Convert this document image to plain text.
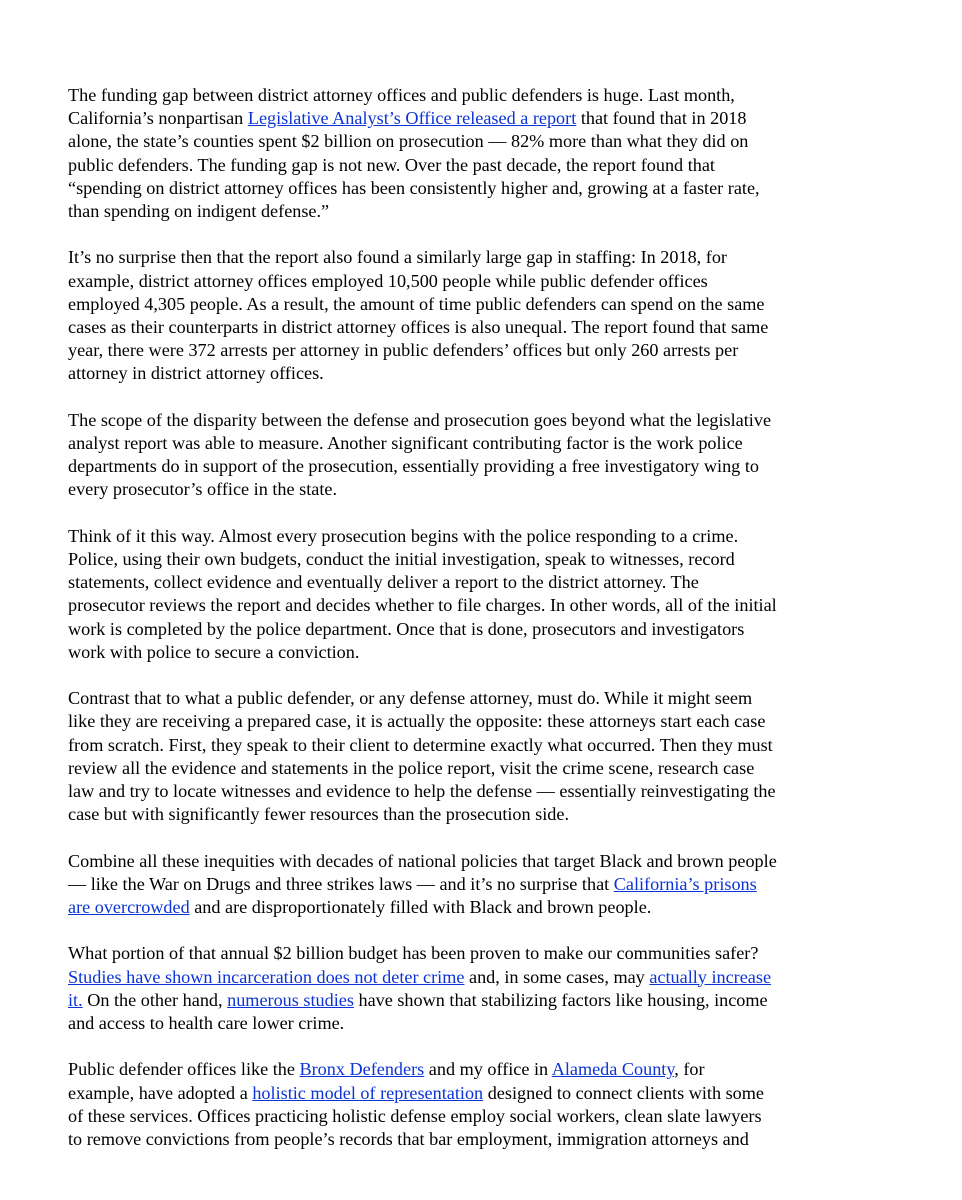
The funding gap between district attorney offices and public defenders is huge. Last month,
California’s nonpartisan Legislative Analyst’s Office released a report that found that in 2018
alone, the state’s counties spent $2 billion on prosecution — 82% more than what they did on
public defenders. The funding gap is not new. Over the past decade, the report found that
“spending on district attorney offices has been consistently higher and, growing at a faster rate,
than spending on indigent defense.”

It’s no surprise then that the report also found a similarly large gap in staffing: In 2018, for
example, district attorney offices employed 10,500 people while public defender offices
employed 4,305 people. As a result, the amount of time public defenders can spend on the same
cases as their counterparts in district attorney offices is also unequal. The report found that same
year, there were 372 arrests per attorney in public defenders’ offices but only 260 arrests per
attorney in district attorney offices.

The scope of the disparity between the defense and prosecution goes beyond what the legislative
analyst report was able to measure. Another significant contributing factor is the work police
departments do in support of the prosecution, essentially providing a free investigatory wing to
every prosecutor’s office in the state.

Think of it this way. Almost every prosecution begins with the police responding to a crime.
Police, using their own budgets, conduct the initial investigation, speak to witnesses, record
statements, collect evidence and eventually deliver a report to the district attorney. The
prosecutor reviews the report and decides whether to file charges. In other words, all of the initial
work is completed by the police department. Once that is done, prosecutors and investigators
work with police to secure a conviction.

Contrast that to what a public defender, or any defense attorney, must do. While it might seem
like they are receiving a prepared case, it is actually the opposite: these attorneys start each case
from scratch. First, they speak to their client to determine exactly what occurred. Then they must
review all the evidence and statements in the police report, visit the crime scene, research case
law and try to locate witnesses and evidence to help the defense — essentially reinvestigating the
case but with significantly fewer resources than the prosecution side.

Combine all these inequities with decades of national policies that target Black and brown people
— like the War on Drugs and three strikes laws — and it’s no surprise that California’s prisons
are overcrowded and are disproportionately filled with Black and brown people.

What portion of that annual $2 billion budget has been proven to make our communities safer?
Studies have shown incarceration does not deter crime and, in some cases, may actually increase
it. On the other hand, numerous studies have shown that stabilizing factors like housing, income
and access to health care lower crime.

Public defender offices like the Bronx Defenders and my office in Alameda County, for
example, have adopted a holistic model of representation designed to connect clients with some
of these services. Offices practicing holistic defense employ social workers, clean slate lawyers
to remove convictions from people’s records that bar employment, immigration attorneys and
